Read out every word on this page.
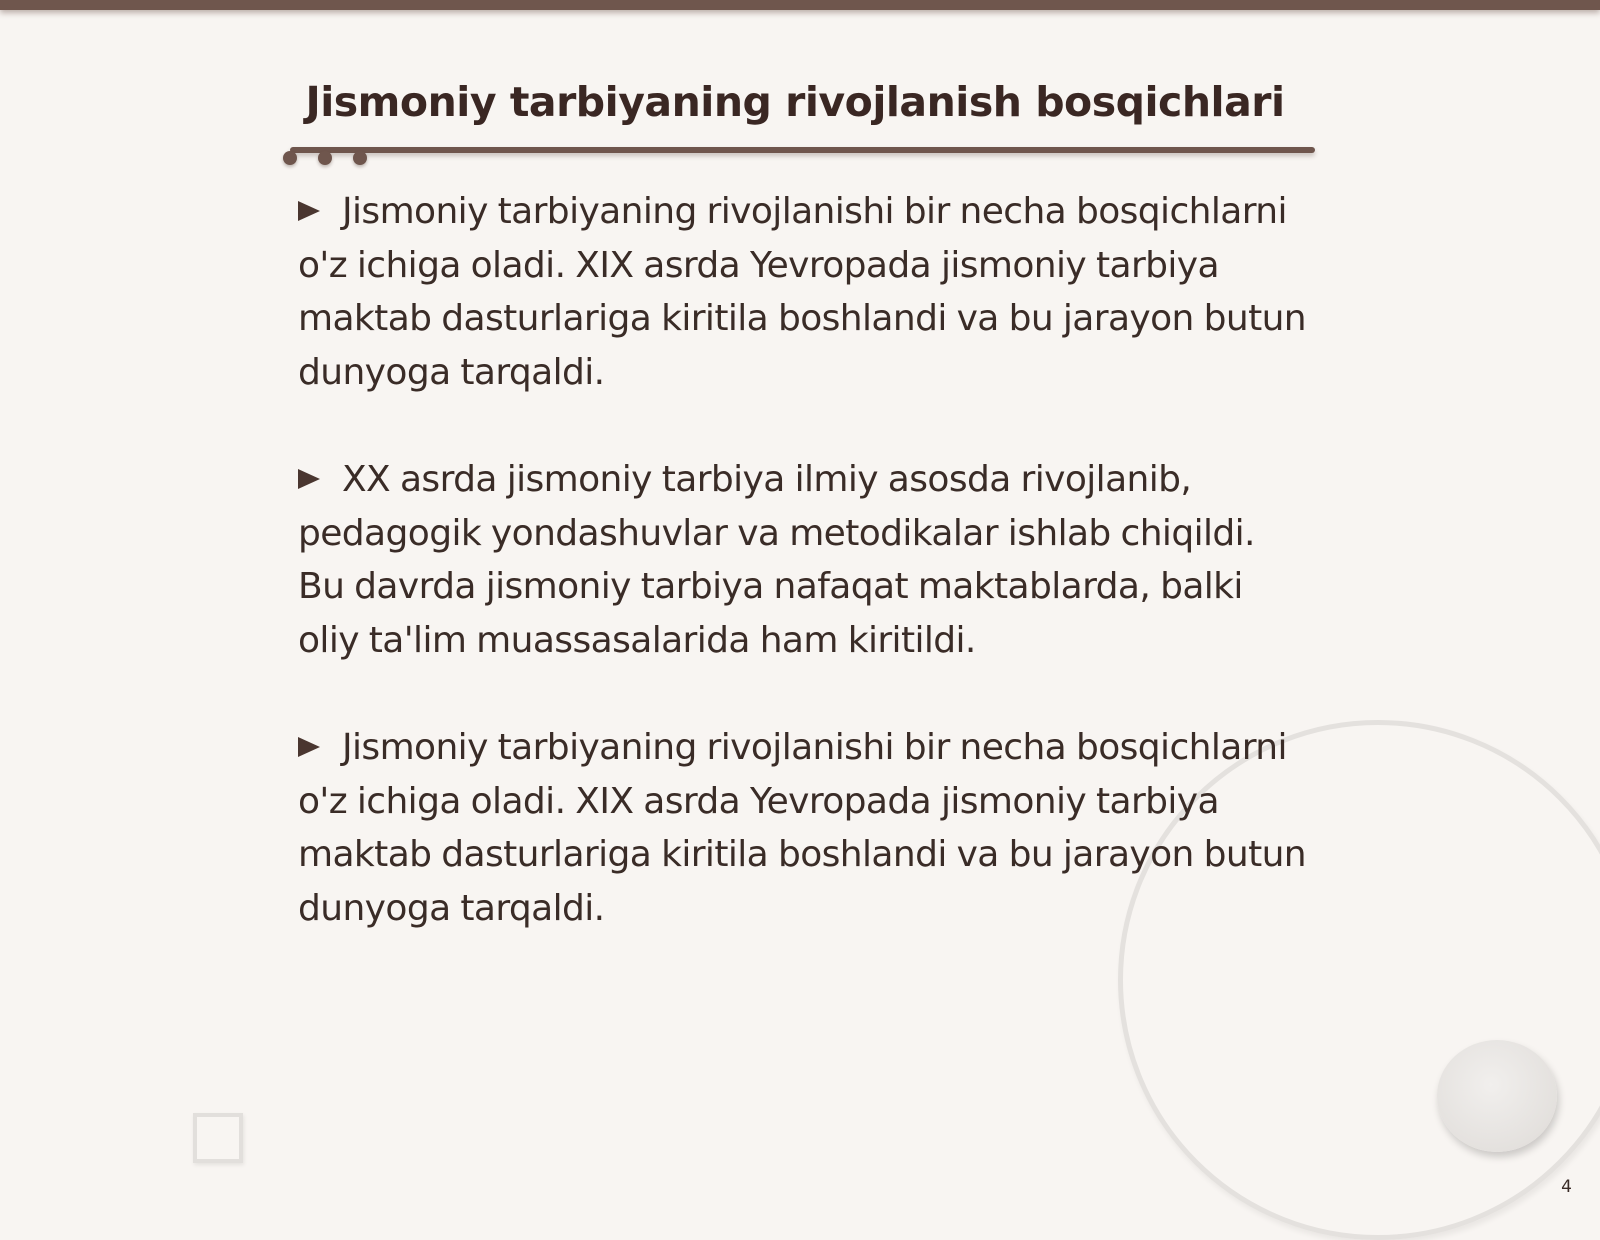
Jismoniy tarbiyaning rivojlanish bosqichlari

Jismoniy tarbiyaning rivojlanishi bir necha bosqichlarni o'z ichiga oladi. XIX asrda Yevropada jismoniy tarbiya maktab dasturlariga kiritila boshlandi va bu jarayon butun dunyoga tarqaldi.

XX asrda jismoniy tarbiya ilmiy asosda rivojlanib, pedagogik yondashuvlar va metodikalar ishlab chiqildi. Bu davrda jismoniy tarbiya nafaqat maktablarda, balki oliy ta'lim muassasalarida ham kiritildi.

Jismoniy tarbiyaning rivojlanishi bir necha bosqichlarni o'z ichiga oladi. XIX asrda Yevropada jismoniy tarbiya maktab dasturlariga kiritila boshlandi va bu jarayon butun dunyoga tarqaldi.

4
